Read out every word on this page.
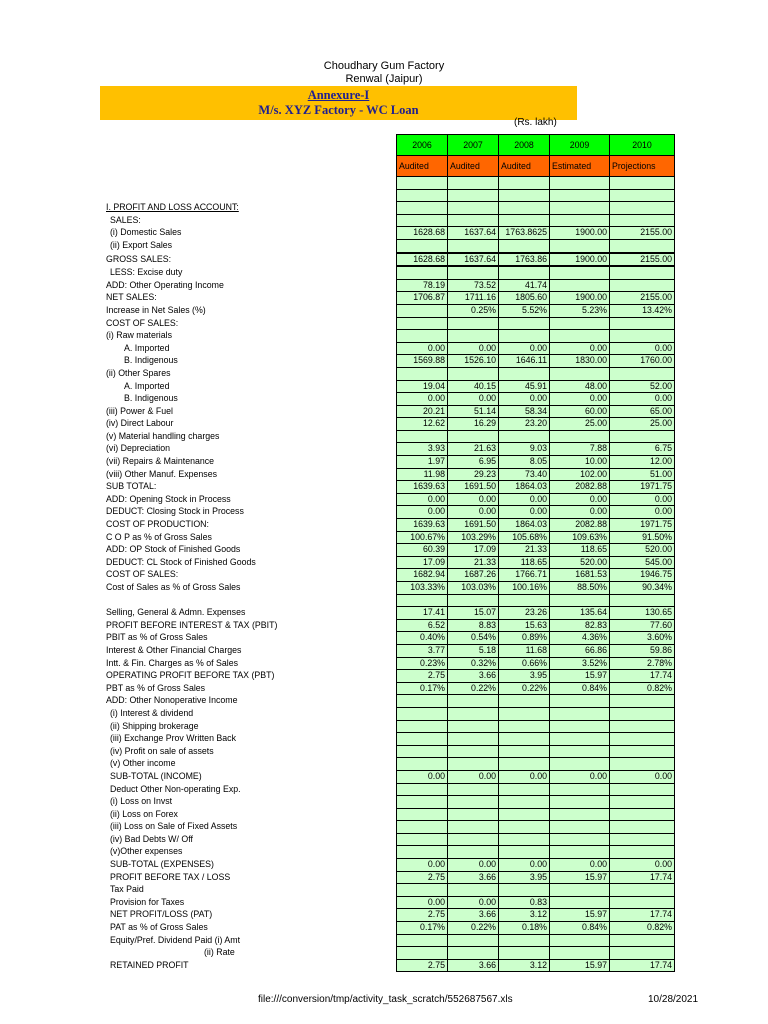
Choudhary Gum Factory
Renwal (Jaipur)
Annexure-I
M/s. XYZ Factory - WC Loan
(Rs. lakh)
	2006	2007	2008	2009	2010
	Audited	Audited	Audited	Estimated	Projections

I. PROFIT AND LOSS ACCOUNT:					
SALES:					
(i) Domestic Sales	1628.68	1637.64	1763.8625	1900.00	2155.00
(ii) Export Sales					
GROSS SALES:	1628.68	1637.64	1763.86	1900.00	2155.00
LESS: Excise duty					
ADD: Other Operating Income	78.19	73.52	41.74		
NET SALES:	1706.87	1711.16	1805.60	1900.00	2155.00
Increase in Net Sales (%)		0.25%	5.52%	5.23%	13.42%
COST OF SALES:					
(i) Raw materials					
A. Imported	0.00	0.00	0.00	0.00	0.00
B. Indigenous	1569.88	1526.10	1646.11	1830.00	1760.00
(ii) Other Spares					
A. Imported	19.04	40.15	45.91	48.00	52.00
B. Indigenous	0.00	0.00	0.00	0.00	0.00
(iii) Power & Fuel	20.21	51.14	58.34	60.00	65.00
(iv) Direct Labour	12.62	16.29	23.20	25.00	25.00
(v) Material handling charges					
(vi) Depreciation	3.93	21.63	9.03	7.88	6.75
(vii) Repairs & Maintenance	1.97	6.95	8.05	10.00	12.00
(viii) Other Manuf. Expenses	11.98	29.23	73.40	102.00	51.00
SUB TOTAL:	1639.63	1691.50	1864.03	2082.88	1971.75
ADD: Opening Stock in Process	0.00	0.00	0.00	0.00	0.00
DEDUCT: Closing Stock in Process	0.00	0.00	0.00	0.00	0.00
COST OF PRODUCTION:	1639.63	1691.50	1864.03	2082.88	1971.75
C O P as % of Gross Sales	100.67%	103.29%	105.68%	109.63%	91.50%
ADD: OP Stock of Finished Goods	60.39	17.09	21.33	118.65	520.00
DEDUCT: CL Stock of Finished Goods	17.09	21.33	118.65	520.00	545.00
COST OF SALES:	1682.94	1687.26	1766.71	1681.53	1946.75
Cost of Sales as % of Gross Sales	103.33%	103.03%	100.16%	88.50%	90.34%

Selling, General & Admn. Expenses	17.41	15.07	23.26	135.64	130.65
PROFIT BEFORE INTEREST & TAX (PBIT)	6.52	8.83	15.63	82.83	77.60
PBIT as % of Gross Sales	0.40%	0.54%	0.89%	4.36%	3.60%
Interest & Other Financial Charges	3.77	5.18	11.68	66.86	59.86
Intt. & Fin. Charges as % of Sales	0.23%	0.32%	0.66%	3.52%	2.78%
OPERATING PROFIT BEFORE TAX (PBT)	2.75	3.66	3.95	15.97	17.74
PBT as % of Gross Sales	0.17%	0.22%	0.22%	0.84%	0.82%
ADD: Other Nonoperative Income					
(i) Interest & dividend					
(ii) Shipping brokerage					
(iii) Exchange Prov Written Back					
(iv) Profit on sale of assets					
(v) Other income					
SUB-TOTAL (INCOME)	0.00	0.00	0.00	0.00	0.00
Deduct Other Non-operating Exp.					
(i) Loss on Invst					
(ii) Loss on Forex					
(iii) Loss on Sale of Fixed Assets					
(iv) Bad Debts W/ Off					
(v)Other expenses					
SUB-TOTAL (EXPENSES)	0.00	0.00	0.00	0.00	0.00
PROFIT BEFORE TAX / LOSS	2.75	3.66	3.95	15.97	17.74
Tax Paid					
Provision for Taxes	0.00	0.00	0.83		
NET PROFIT/LOSS (PAT)	2.75	3.66	3.12	15.97	17.74
PAT as % of Gross Sales	0.17%	0.22%	0.18%	0.84%	0.82%
Equity/Pref. Dividend Paid (i) Amt					
(ii) Rate					
RETAINED PROFIT	2.75	3.66	3.12	15.97	17.74
file:///conversion/tmp/activity_task_scratch/552687567.xls	10/28/2021
